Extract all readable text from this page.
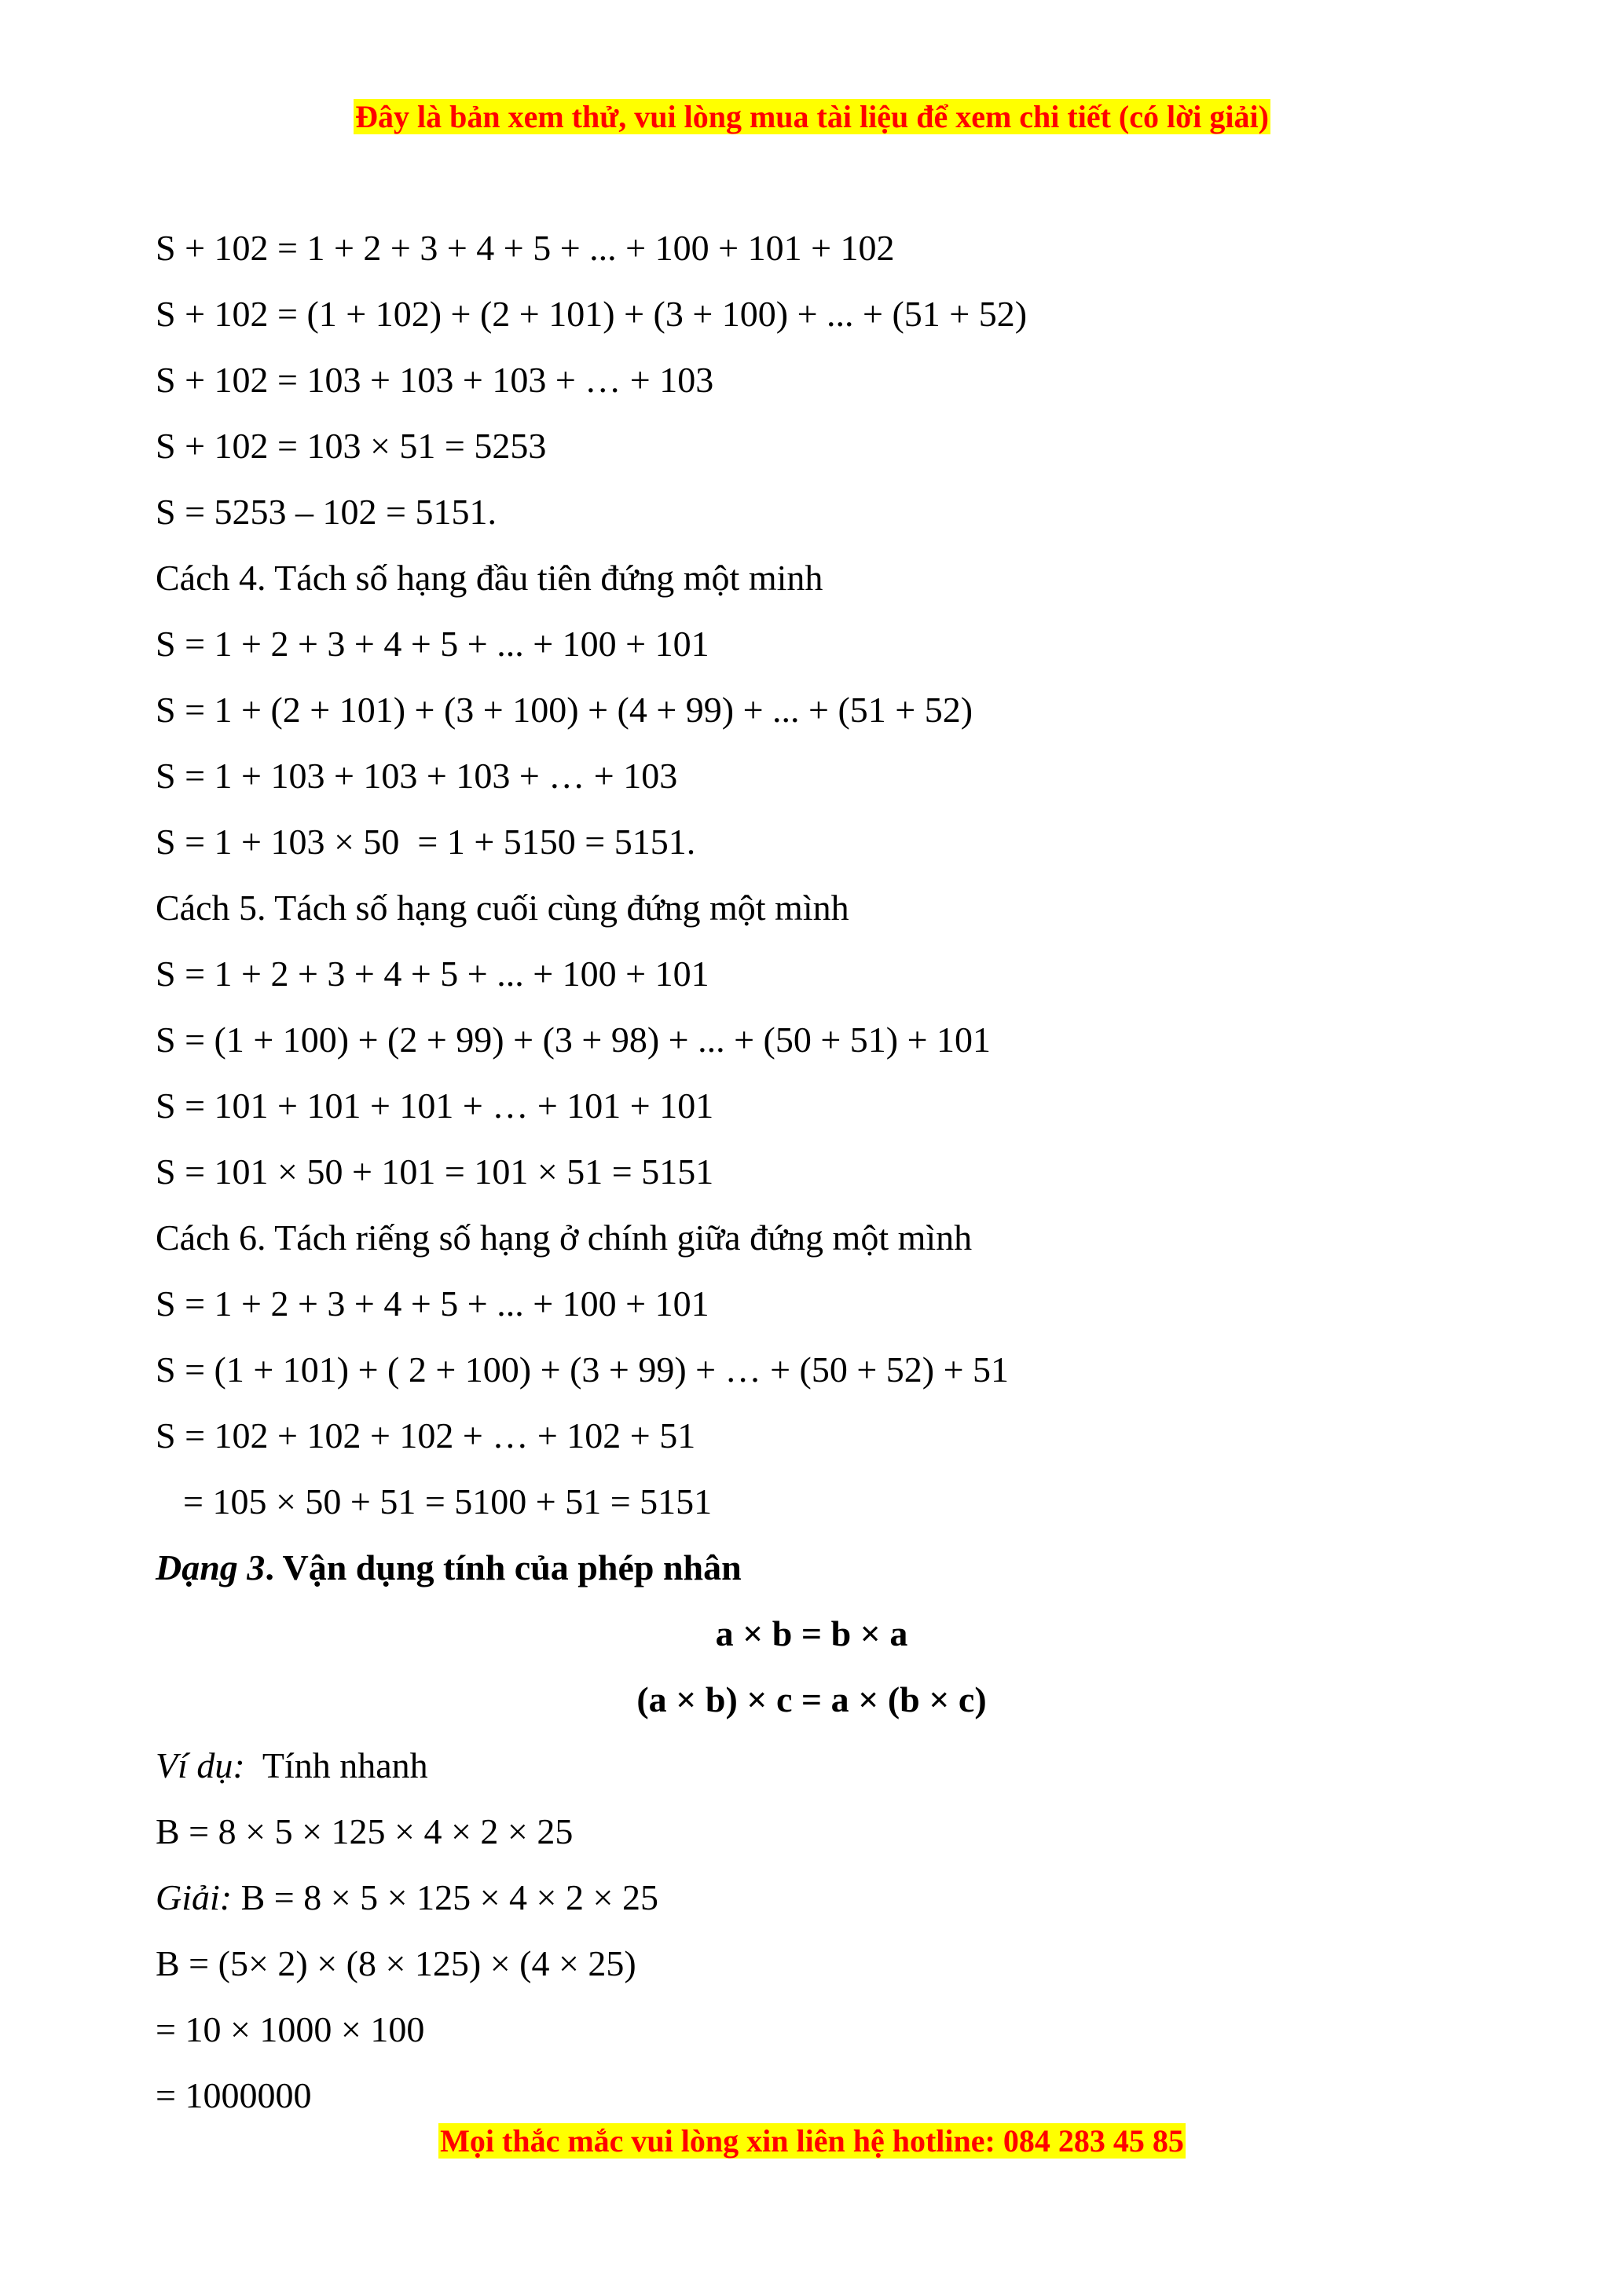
Đây là bản xem thử, vui lòng mua tài liệu để xem chi tiết (có lời giải)
S + 102 = 1 + 2 + 3 + 4 + 5 + ... + 100 + 101 + 102
S + 102 = (1 + 102) + (2 + 101) + (3 + 100) + ... + (51 + 52)
S + 102 = 103 + 103 + 103 + … + 103
S + 102 = 103 × 51 = 5253
S = 5253 – 102 = 5151.
Cách 4. Tách số hạng đầu tiên đứng một minh
S = 1 + 2 + 3 + 4 + 5 + ... + 100 + 101
S = 1 + (2 + 101) + (3 + 100) + (4 + 99) + ... + (51 + 52)
S = 1 + 103 + 103 + 103 + … + 103
S = 1 + 103 × 50  = 1 + 5150 = 5151.
Cách 5. Tách số hạng cuối cùng đứng một mình
S = 1 + 2 + 3 + 4 + 5 + ... + 100 + 101
S = (1 + 100) + (2 + 99) + (3 + 98) + ... + (50 + 51) + 101
S = 101 + 101 + 101 + … + 101 + 101
S = 101 × 50 + 101 = 101 × 51 = 5151
Cách 6. Tách riếng số hạng ở chính giữa đứng một mình
S = 1 + 2 + 3 + 4 + 5 + ... + 100 + 101
S = (1 + 101) + ( 2 + 100) + (3 + 99) + … + (50 + 52) + 51
S = 102 + 102 + 102 + … + 102 + 51
= 105 × 50 + 51 = 5100 + 51 = 5151
Dạng 3. Vận dụng tính của phép nhân
a × b = b × a
(a × b) × c = a × (b × c)
Ví dụ:  Tính nhanh
B = 8 × 5 × 125 × 4 × 2 × 25
Giải: B = 8 × 5 × 125 × 4 × 2 × 25
B = (5× 2) × (8 × 125) × (4 × 25)
= 10 × 1000 × 100
= 1000000
Mọi thắc mắc vui lòng xin liên hệ hotline: 084 283 45 85
